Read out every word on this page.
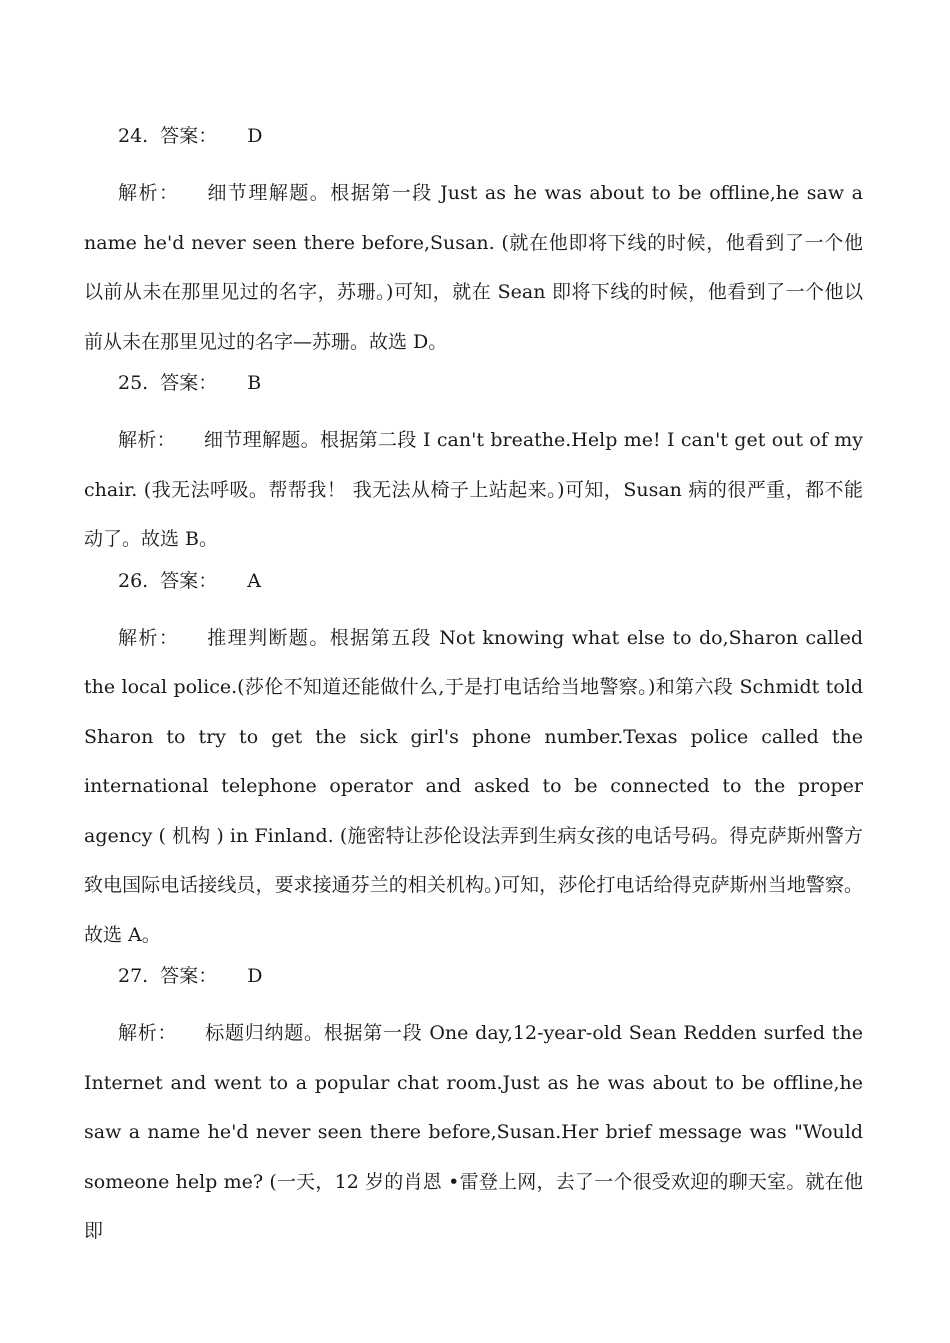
24. 答案： D

解析： 细节理解题。根据第一段 Just as he was about to be offline,he saw a name he'd never seen there before,Susan. (就在他即将下线的时候，他看到了一个他以前从未在那里见过的名字，苏珊。)可知，就在 Sean 即将下线的时候，他看到了一个他以前从未在那里见过的名字—苏珊。故选 D。

25. 答案： B

解析： 细节理解题。根据第二段 I can't breathe.Help me! I can't get out of my chair. (我无法呼吸。帮帮我！ 我无法从椅子上站起来。)可知，Susan 病的很严重，都不能动了。故选 B。

26. 答案： A

解析： 推理判断题。根据第五段 Not knowing what else to do,Sharon called the local police.(莎伦不知道还能做什么,于是打电话给当地警察。)和第六段 Schmidt told Sharon to try to get the sick girl's phone number.Texas police called the international telephone operator and asked to be connected to the proper agency ( 机构 ) in Finland. (施密特让莎伦设法弄到生病女孩的电话号码。得克萨斯州警方致电国际电话接线员，要求接通芬兰的相关机构。)可知，莎伦打电话给得克萨斯州当地警察。故选 A。

27. 答案： D

解析： 标题归纳题。根据第一段 One day,12-year-old Sean Redden surfed the Internet and went to a popular chat room.Just as he was about to be offline,he saw a name he'd never seen there before,Susan.Her brief message was "Would someone help me? (一天，12 岁的肖恩 •雷登上网，去了一个很受欢迎的聊天室。就在他即
